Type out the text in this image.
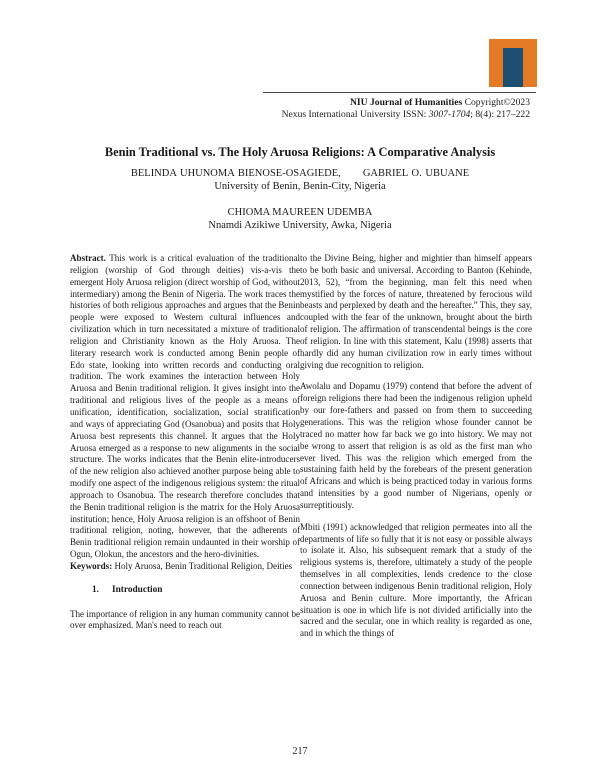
NIU Journal of Humanities Copyright©2023
Nexus International University ISSN: 3007-1704; 8(4): 217–222
Benin Traditional vs. The Holy Aruosa Religions: A Comparative Analysis
BELINDA UHUNOMA BIENOSE-OSAGIEDE, GABRIEL O. UBUANE
University of Benin, Benin-City, Nigeria
CHIOMA MAUREEN UDEMBA
Nnamdi Azikiwe University, Awka, Nigeria

Abstract. This work is a critical evaluation of the traditional religion (worship of God through deities) vis-a-vis the emergent Holy Aruosa religion (direct worship of God, without intermediary) among the Benin of Nigeria. The work traces the histories of both religious approaches and argues that the Benin people were exposed to Western cultural influences and civilization which in turn necessitated a mixture of traditional religion and Christianity known as the Holy Aruosa. The literary research work is conducted among Benin people of Edo state, looking into written records and conducting oral tradition. The work examines the interaction between Holy Aruosa and Benin traditional religion. It gives insight into the traditional and religious lives of the people as a means of unification, identification, socialization, social stratification and ways of appreciating God (Osanobua) and posits that Holy Aruosa best represents this channel. It argues that the Holy Aruosa emerged as a response to new alignments in the social structure. The works indicates that the Benin elite-introducers of the new religion also achieved another purpose being able to modify one aspect of the indigenous religious system: the ritual approach to Osanobua. The research therefore concludes that the Benin traditional religion is the matrix for the Holy Aruosa institution; hence, Holy Aruosa religion is an offshoot of Benin traditional religion, noting, however, that the adherents of Benin traditional religion remain undaunted in their worship of Ogun, Olokun, the ancestors and the hero-divinities.

Keywords: Holy Aruosa, Benin Traditional Religion, Deities

1. Introduction

The importance of religion in any human community cannot be over emphasized. Man's need to reach out

to the Divine Being, higher and mightier than himself appears to be both basic and universal. According to Banton (Kehinde, 2013, 52), “from the beginning, man felt this need when mystified by the forces of nature, threatened by ferocious wild beasts and perplexed by death and the hereafter.” This, they say, coupled with the fear of the unknown, brought about the birth of religion. The affirmation of transcendental beings is the core of religion. In line with this statement, Kalu (1998) asserts that hardly did any human civilization row in early times without giving due recognition to religion.

Awolalu and Dopamu (1979) contend that before the advent of foreign religions there had been the indigenous religion upheld by our fore-fathers and passed on from them to succeeding generations. This was the religion whose founder cannot be traced no matter how far back we go into history. We may not be wrong to assert that religion is as old as the first man who ever lived. This was the religion which emerged from the sustaining faith held by the forebears of the present generation of Africans and which is being practiced today in various forms and intensities by a good number of Nigerians, openly or surreptitiously.

Mbiti (1991) acknowledged that religion permeates into all the departments of life so fully that it is not easy or possible always to isolate it. Also, his subsequent remark that a study of the religious systems is, therefore, ultimately a study of the people themselves in all complexities, lends credence to the close connection between indigenous Benin traditional religion, Holy Aruosa and Benin culture. More importantly, the African situation is one in which life is not divided artificially into the sacred and the secular, one in which reality is regarded as one, and in which the things of

217
